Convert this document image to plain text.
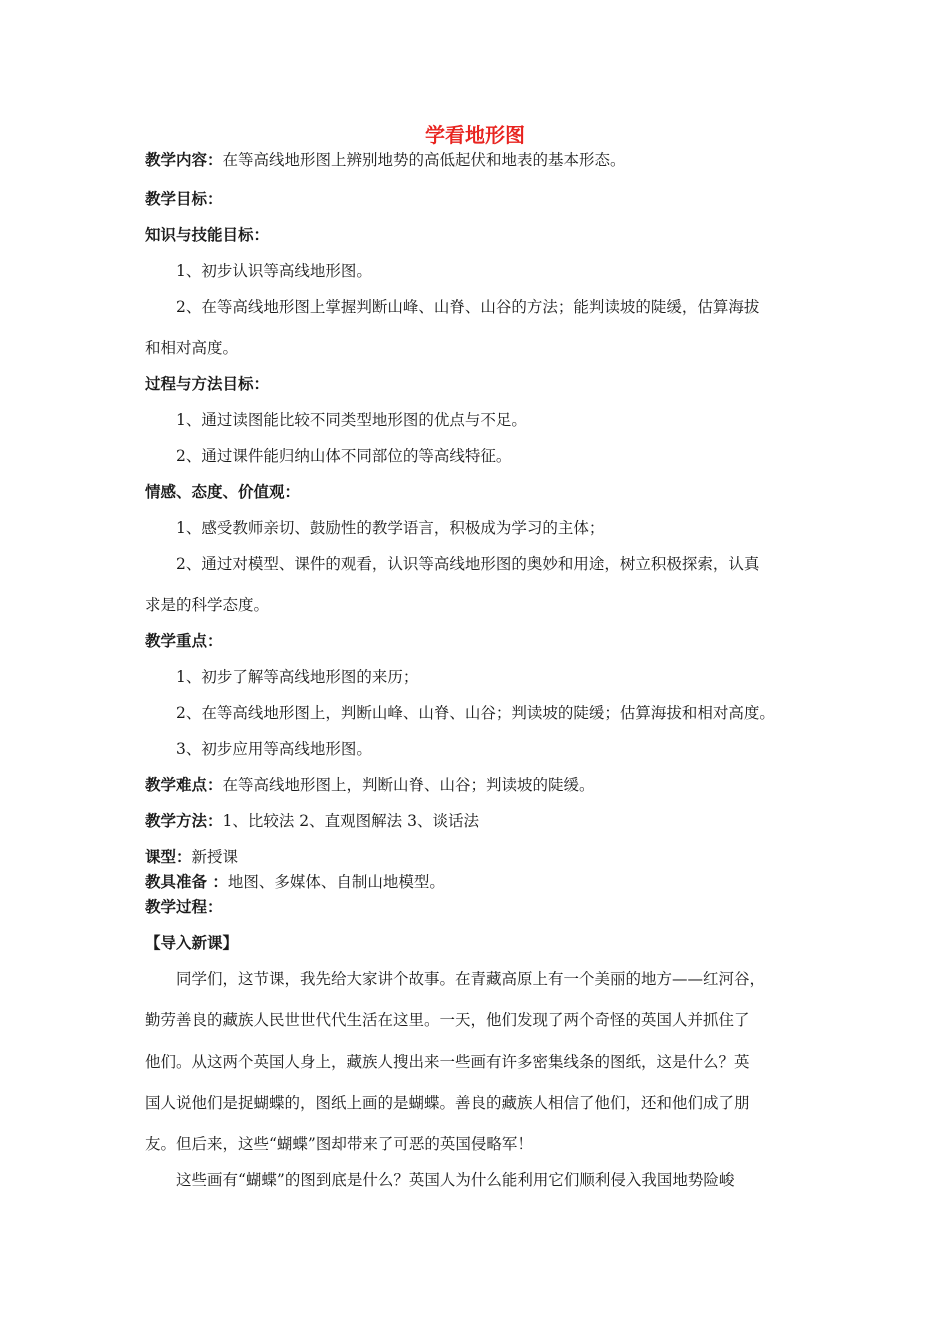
学看地形图
教学内容：在等高线地形图上辨别地势的高低起伏和地表的基本形态。
教学目标：
知识与技能目标：
1、初步认识等高线地形图。
2、在等高线地形图上掌握判断山峰、山脊、山谷的方法；能判读坡的陡缓，估算海拔
和相对高度。
过程与方法目标：
1、通过读图能比较不同类型地形图的优点与不足。
2、通过课件能归纳山体不同部位的等高线特征。
情感、态度、价值观：
1、感受教师亲切、鼓励性的教学语言，积极成为学习的主体；
2、通过对模型、课件的观看，认识等高线地形图的奥妙和用途，树立积极探索，认真
求是的科学态度。
教学重点：
1、初步了解等高线地形图的来历；
2、在等高线地形图上，判断山峰、山脊、山谷；判读坡的陡缓；估算海拔和相对高度。
3、初步应用等高线地形图。
教学难点：在等高线地形图上，判断山脊、山谷；判读坡的陡缓。
教学方法：1、比较法 2、直观图解法 3、谈话法
课型：新授课
教具准备 ：地图、多媒体、自制山地模型。
教学过程：
【导入新课】
同学们，这节课，我先给大家讲个故事。在青藏高原上有一个美丽的地方——红河谷，
勤劳善良的藏族人民世世代代生活在这里。一天，他们发现了两个奇怪的英国人并抓住了
他们。从这两个英国人身上，藏族人搜出来一些画有许多密集线条的图纸，这是什么？英
国人说他们是捉蝴蝶的，图纸上画的是蝴蝶。善良的藏族人相信了他们，还和他们成了朋
友。但后来，这些“蝴蝶”图却带来了可恶的英国侵略军！
这些画有“蝴蝶”的图到底是什么？英国人为什么能利用它们顺利侵入我国地势险峻
